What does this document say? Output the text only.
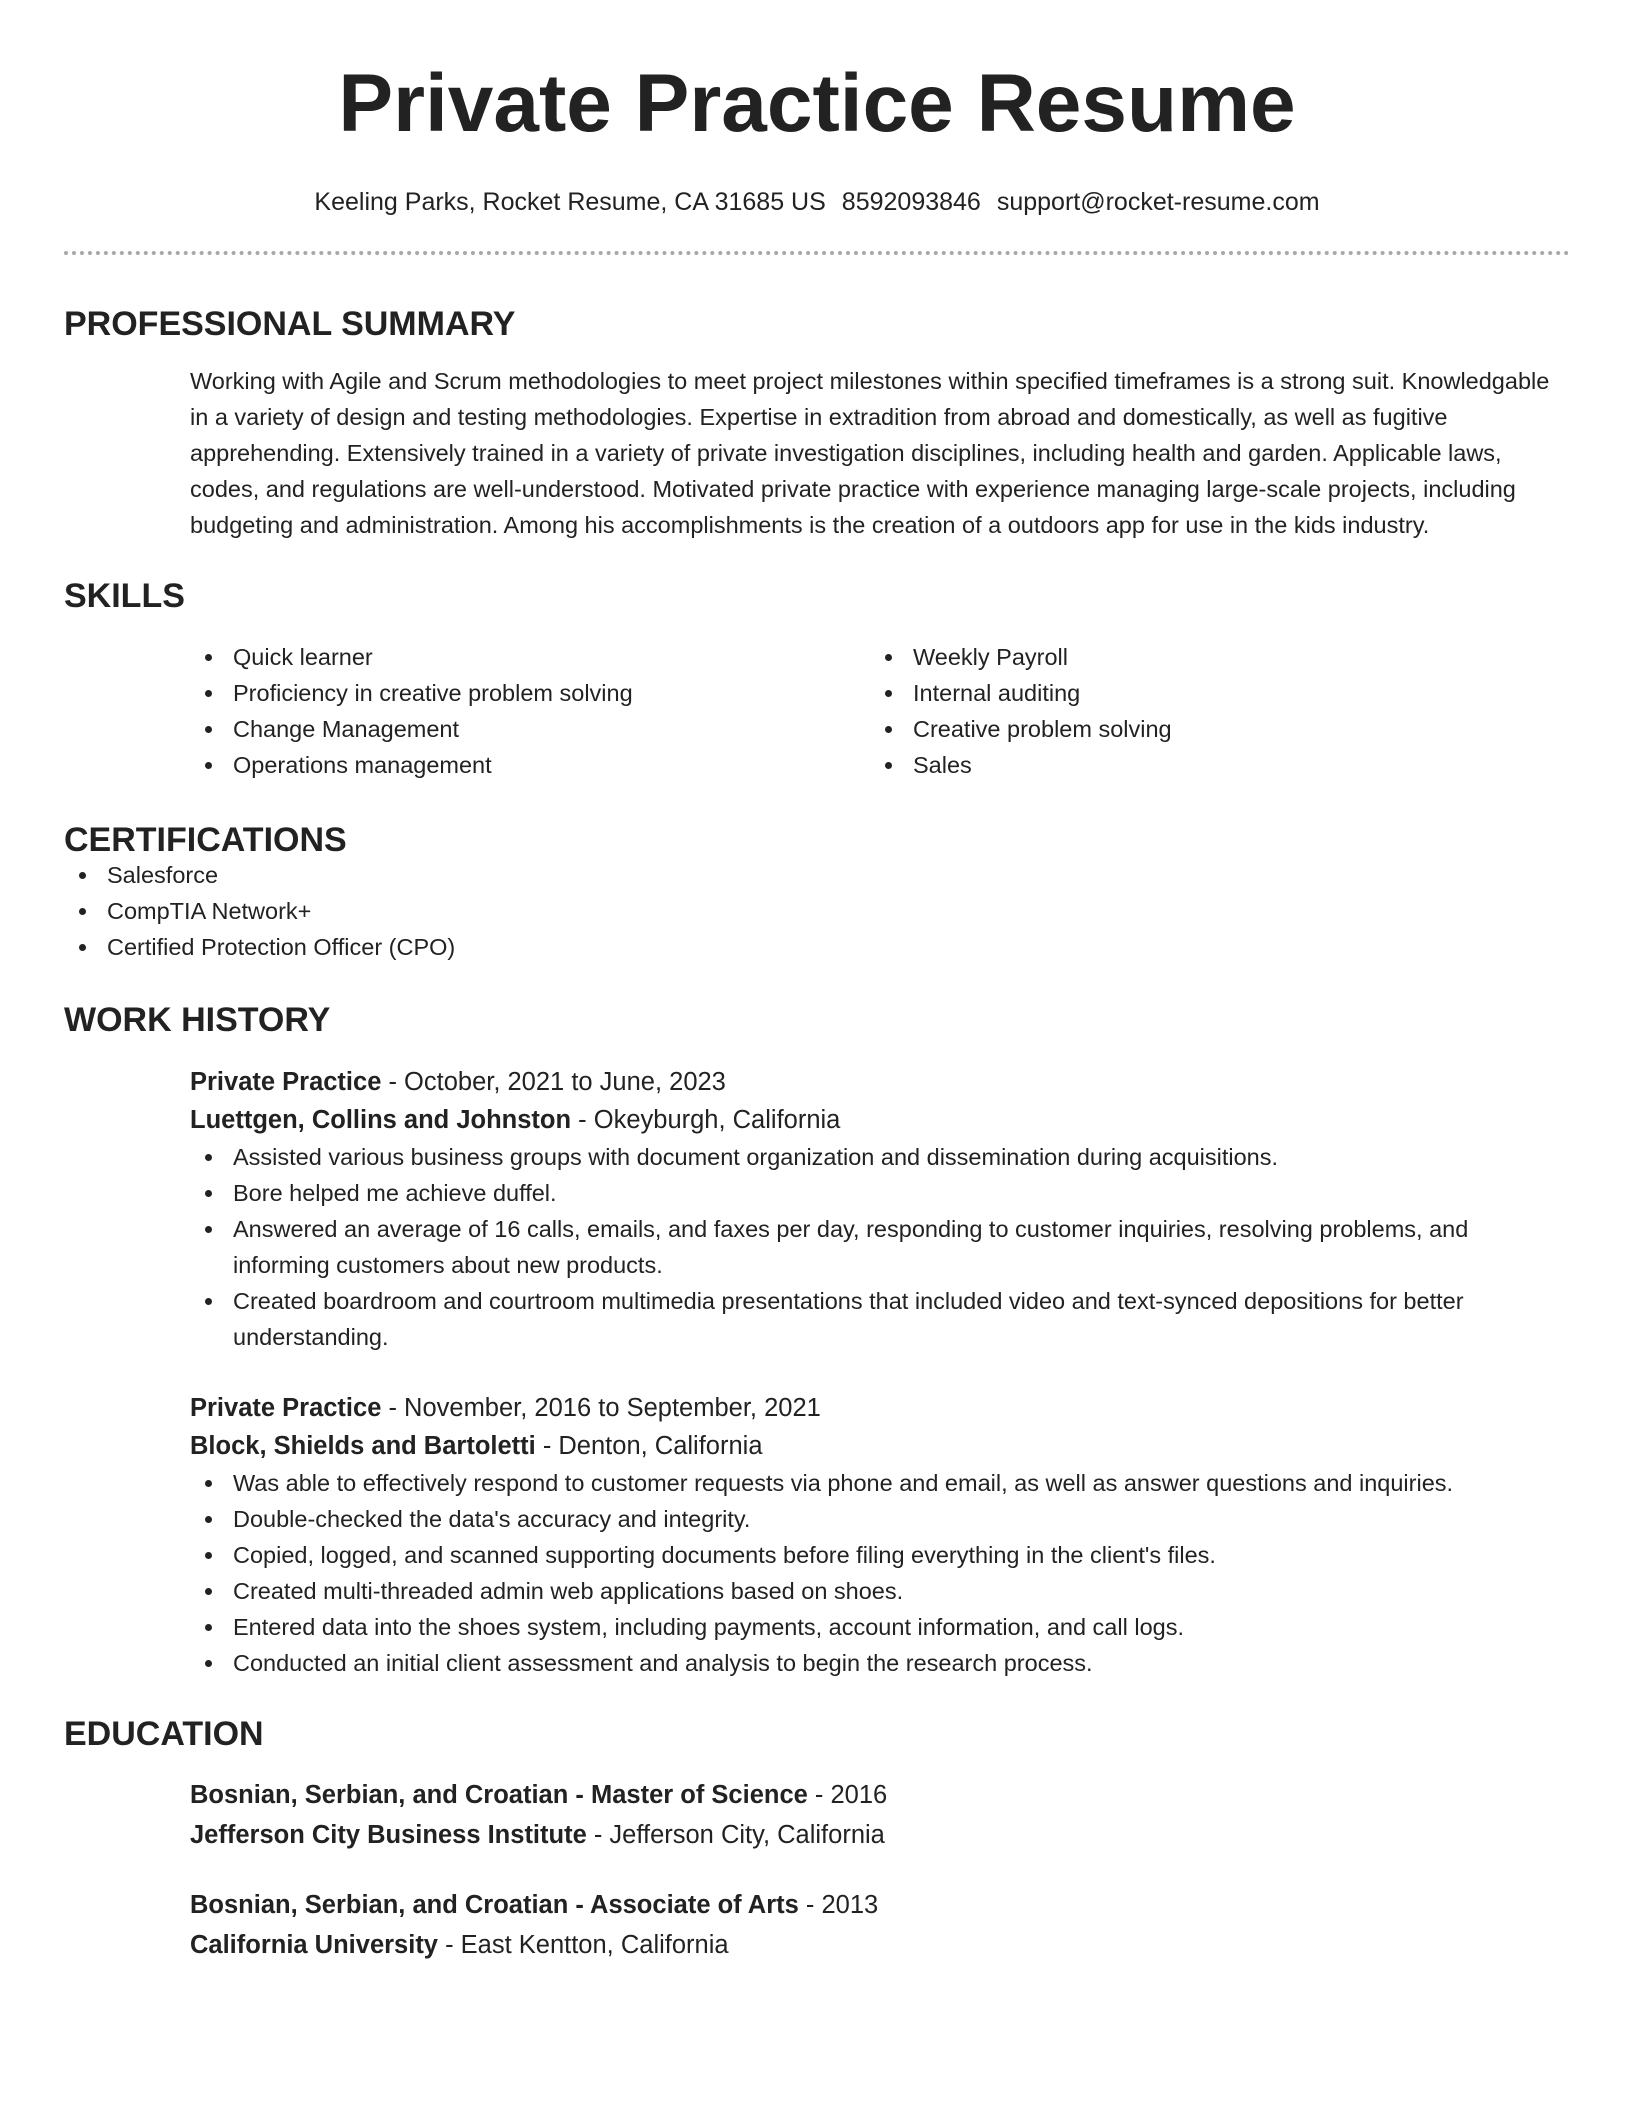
Private Practice Resume
Keeling Parks, Rocket Resume, CA 31685 US 8592093846 support@rocket-resume.com
PROFESSIONAL SUMMARY
Working with Agile and Scrum methodologies to meet project milestones within specified timeframes is a strong suit. Knowledgable in a variety of design and testing methodologies. Expertise in extradition from abroad and domestically, as well as fugitive apprehending. Extensively trained in a variety of private investigation disciplines, including health and garden. Applicable laws, codes, and regulations are well-understood. Motivated private practice with experience managing large-scale projects, including budgeting and administration. Among his accomplishments is the creation of a outdoors app for use in the kids industry.
SKILLS
Quick learner
Proficiency in creative problem solving
Change Management
Operations management
Weekly Payroll
Internal auditing
Creative problem solving
Sales
CERTIFICATIONS
Salesforce
CompTIA Network+
Certified Protection Officer (CPO)
WORK HISTORY
Private Practice - October, 2021 to June, 2023
Luettgen, Collins and Johnston - Okeyburgh, California
Assisted various business groups with document organization and dissemination during acquisitions.
Bore helped me achieve duffel.
Answered an average of 16 calls, emails, and faxes per day, responding to customer inquiries, resolving problems, and informing customers about new products.
Created boardroom and courtroom multimedia presentations that included video and text-synced depositions for better understanding.
Private Practice - November, 2016 to September, 2021
Block, Shields and Bartoletti - Denton, California
Was able to effectively respond to customer requests via phone and email, as well as answer questions and inquiries.
Double-checked the data's accuracy and integrity.
Copied, logged, and scanned supporting documents before filing everything in the client's files.
Created multi-threaded admin web applications based on shoes.
Entered data into the shoes system, including payments, account information, and call logs.
Conducted an initial client assessment and analysis to begin the research process.
EDUCATION
Bosnian, Serbian, and Croatian - Master of Science - 2016
Jefferson City Business Institute - Jefferson City, California
Bosnian, Serbian, and Croatian - Associate of Arts - 2013
California University - East Kentton, California
